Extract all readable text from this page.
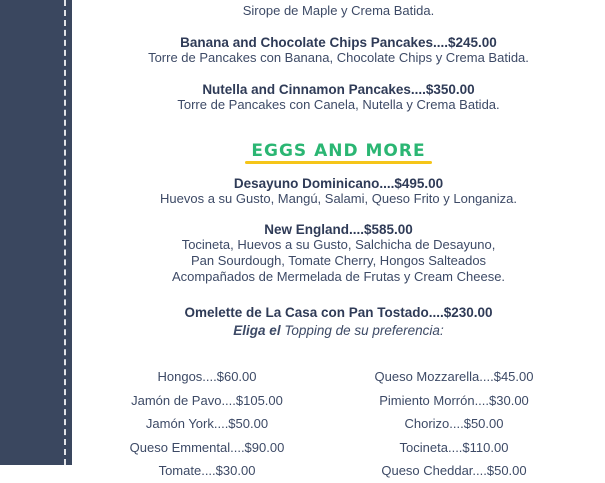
Sirope de Maple y Crema Batida.
Banana and Chocolate Chips Pancakes....$245.00
Torre de Pancakes con Banana, Chocolate Chips y Crema Batida.
Nutella and Cinnamon Pancakes....$350.00
Torre de Pancakes con Canela, Nutella y Crema Batida.
EGGS AND MORE
Desayuno Dominicano....$495.00
Huevos a su Gusto, Mangú, Salami, Queso Frito y Longaniza.
New England....$585.00
Tocineta, Huevos a su Gusto, Salchicha de Desayuno,
Pan Sourdough, Tomate Cherry, Hongos Salteados
Acompañados de Mermelada de Frutas y Cream Cheese.
Omelette de La Casa con Pan Tostado....$230.00
Eliga el Topping de su preferencia:
Hongos....$60.00
Jamón de Pavo....$105.00
Jamón York....$50.00
Queso Emmental....$90.00
Tomate....$30.00
Queso Mozzarella....$45.00
Pimiento Morrón....$30.00
Chorizo....$50.00
Tocineta....$110.00
Queso Cheddar....$50.00
